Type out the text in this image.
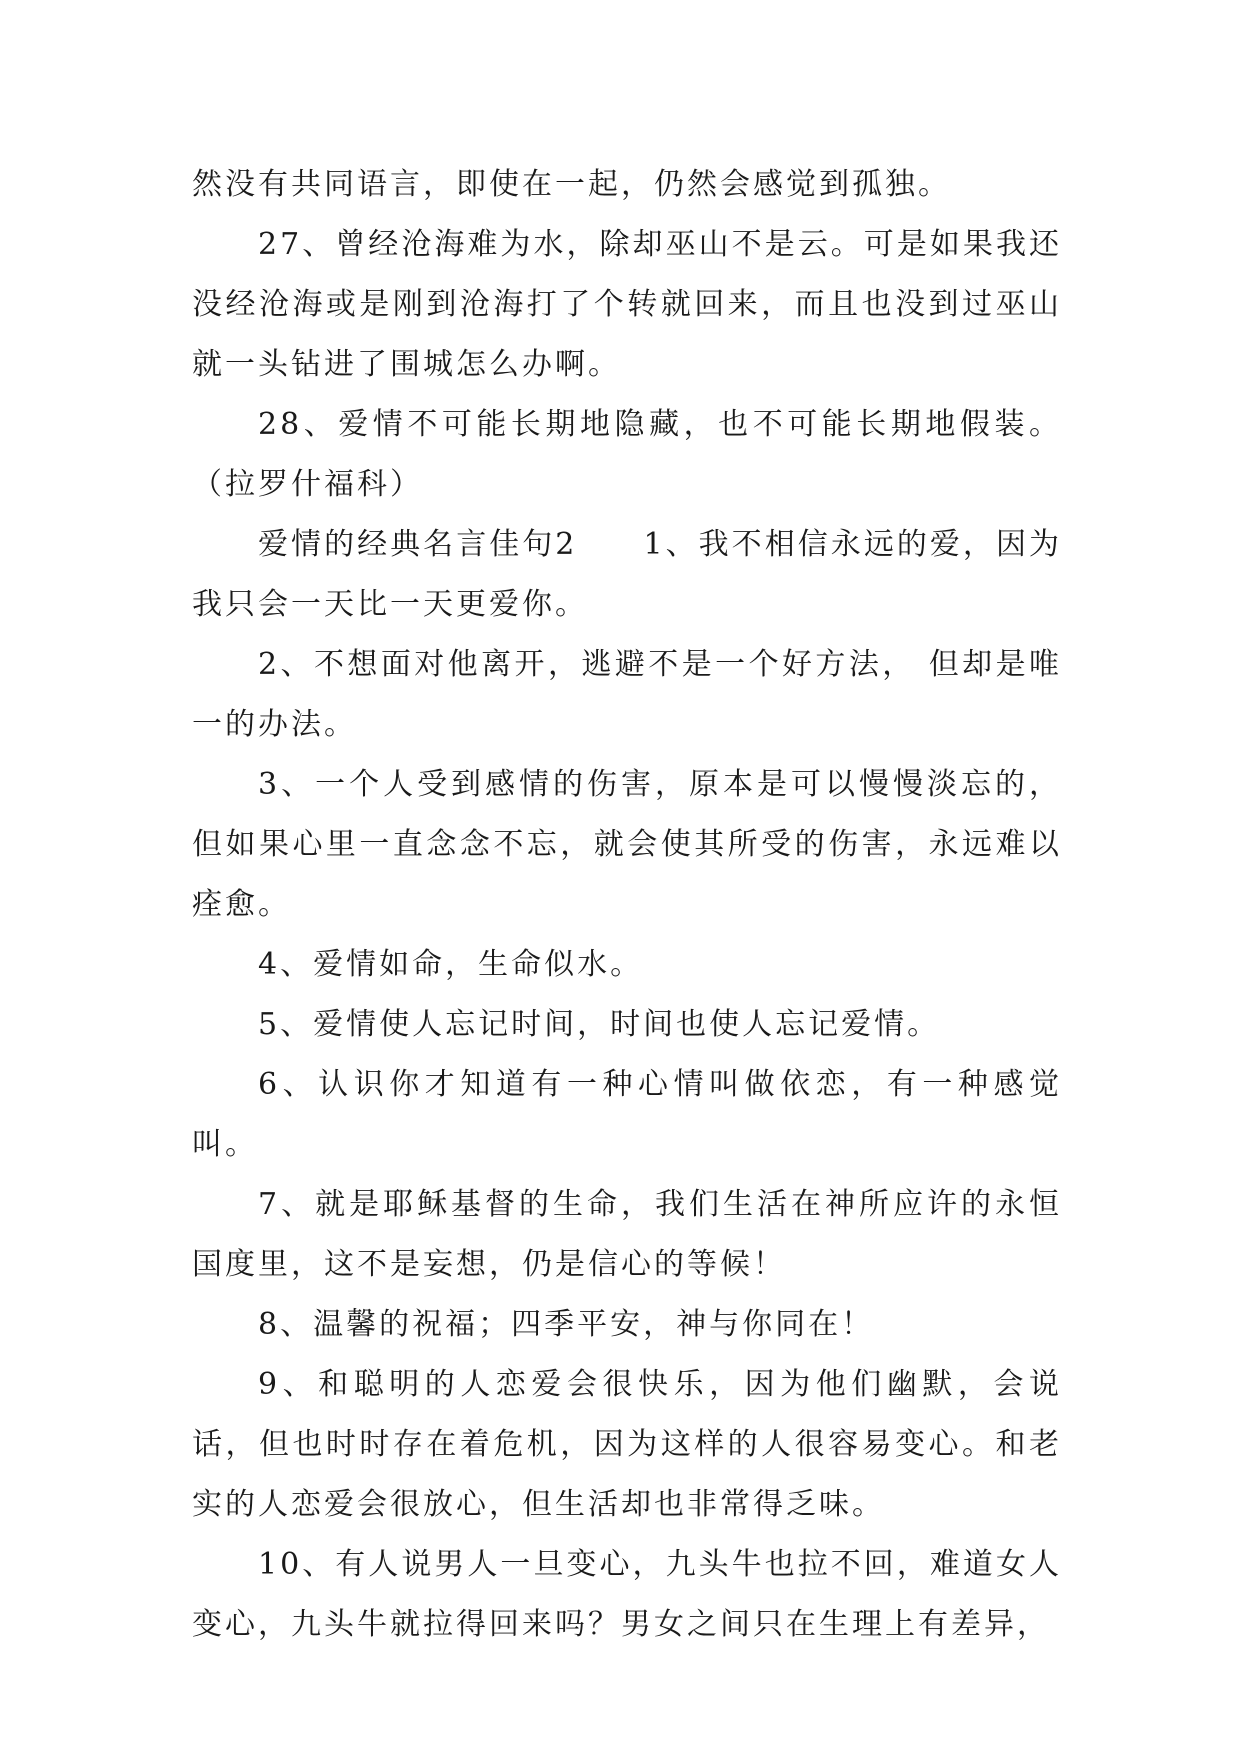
然没有共同语言，即使在一起，仍然会感觉到孤独。

27、曾经沧海难为水，除却巫山不是云。可是如果我还没经沧海或是刚到沧海打了个转就回来，而且也没到过巫山就一头钻进了围城怎么办啊。

28、爱情不可能长期地隐藏，也不可能长期地假装。（拉罗什福科）

爱情的经典名言佳句2　　1、我不相信永远的爱，因为我只会一天比一天更爱你。

2、不想面对他离开，逃避不是一个好方法， 但却是唯一的办法。

3、一个人受到感情的伤害，原本是可以慢慢淡忘的，但如果心里一直念念不忘，就会使其所受的伤害，永远难以痊愈。

4、爱情如命，生命似水。

5、爱情使人忘记时间，时间也使人忘记爱情。

6、认识你才知道有一种心情叫做依恋，有一种感觉叫。

7、就是耶稣基督的生命，我们生活在神所应许的永恒国度里，这不是妄想，仍是信心的等候！

8、温馨的祝福；四季平安，神与你同在！

9、和聪明的人恋爱会很快乐，因为他们幽默，会说话，但也时时存在着危机，因为这样的人很容易变心。和老实的人恋爱会很放心，但生活却也非常得乏味。

10、有人说男人一旦变心，九头牛也拉不回，难道女人变心，九头牛就拉得回来吗？男女之间只在生理上有差异，
